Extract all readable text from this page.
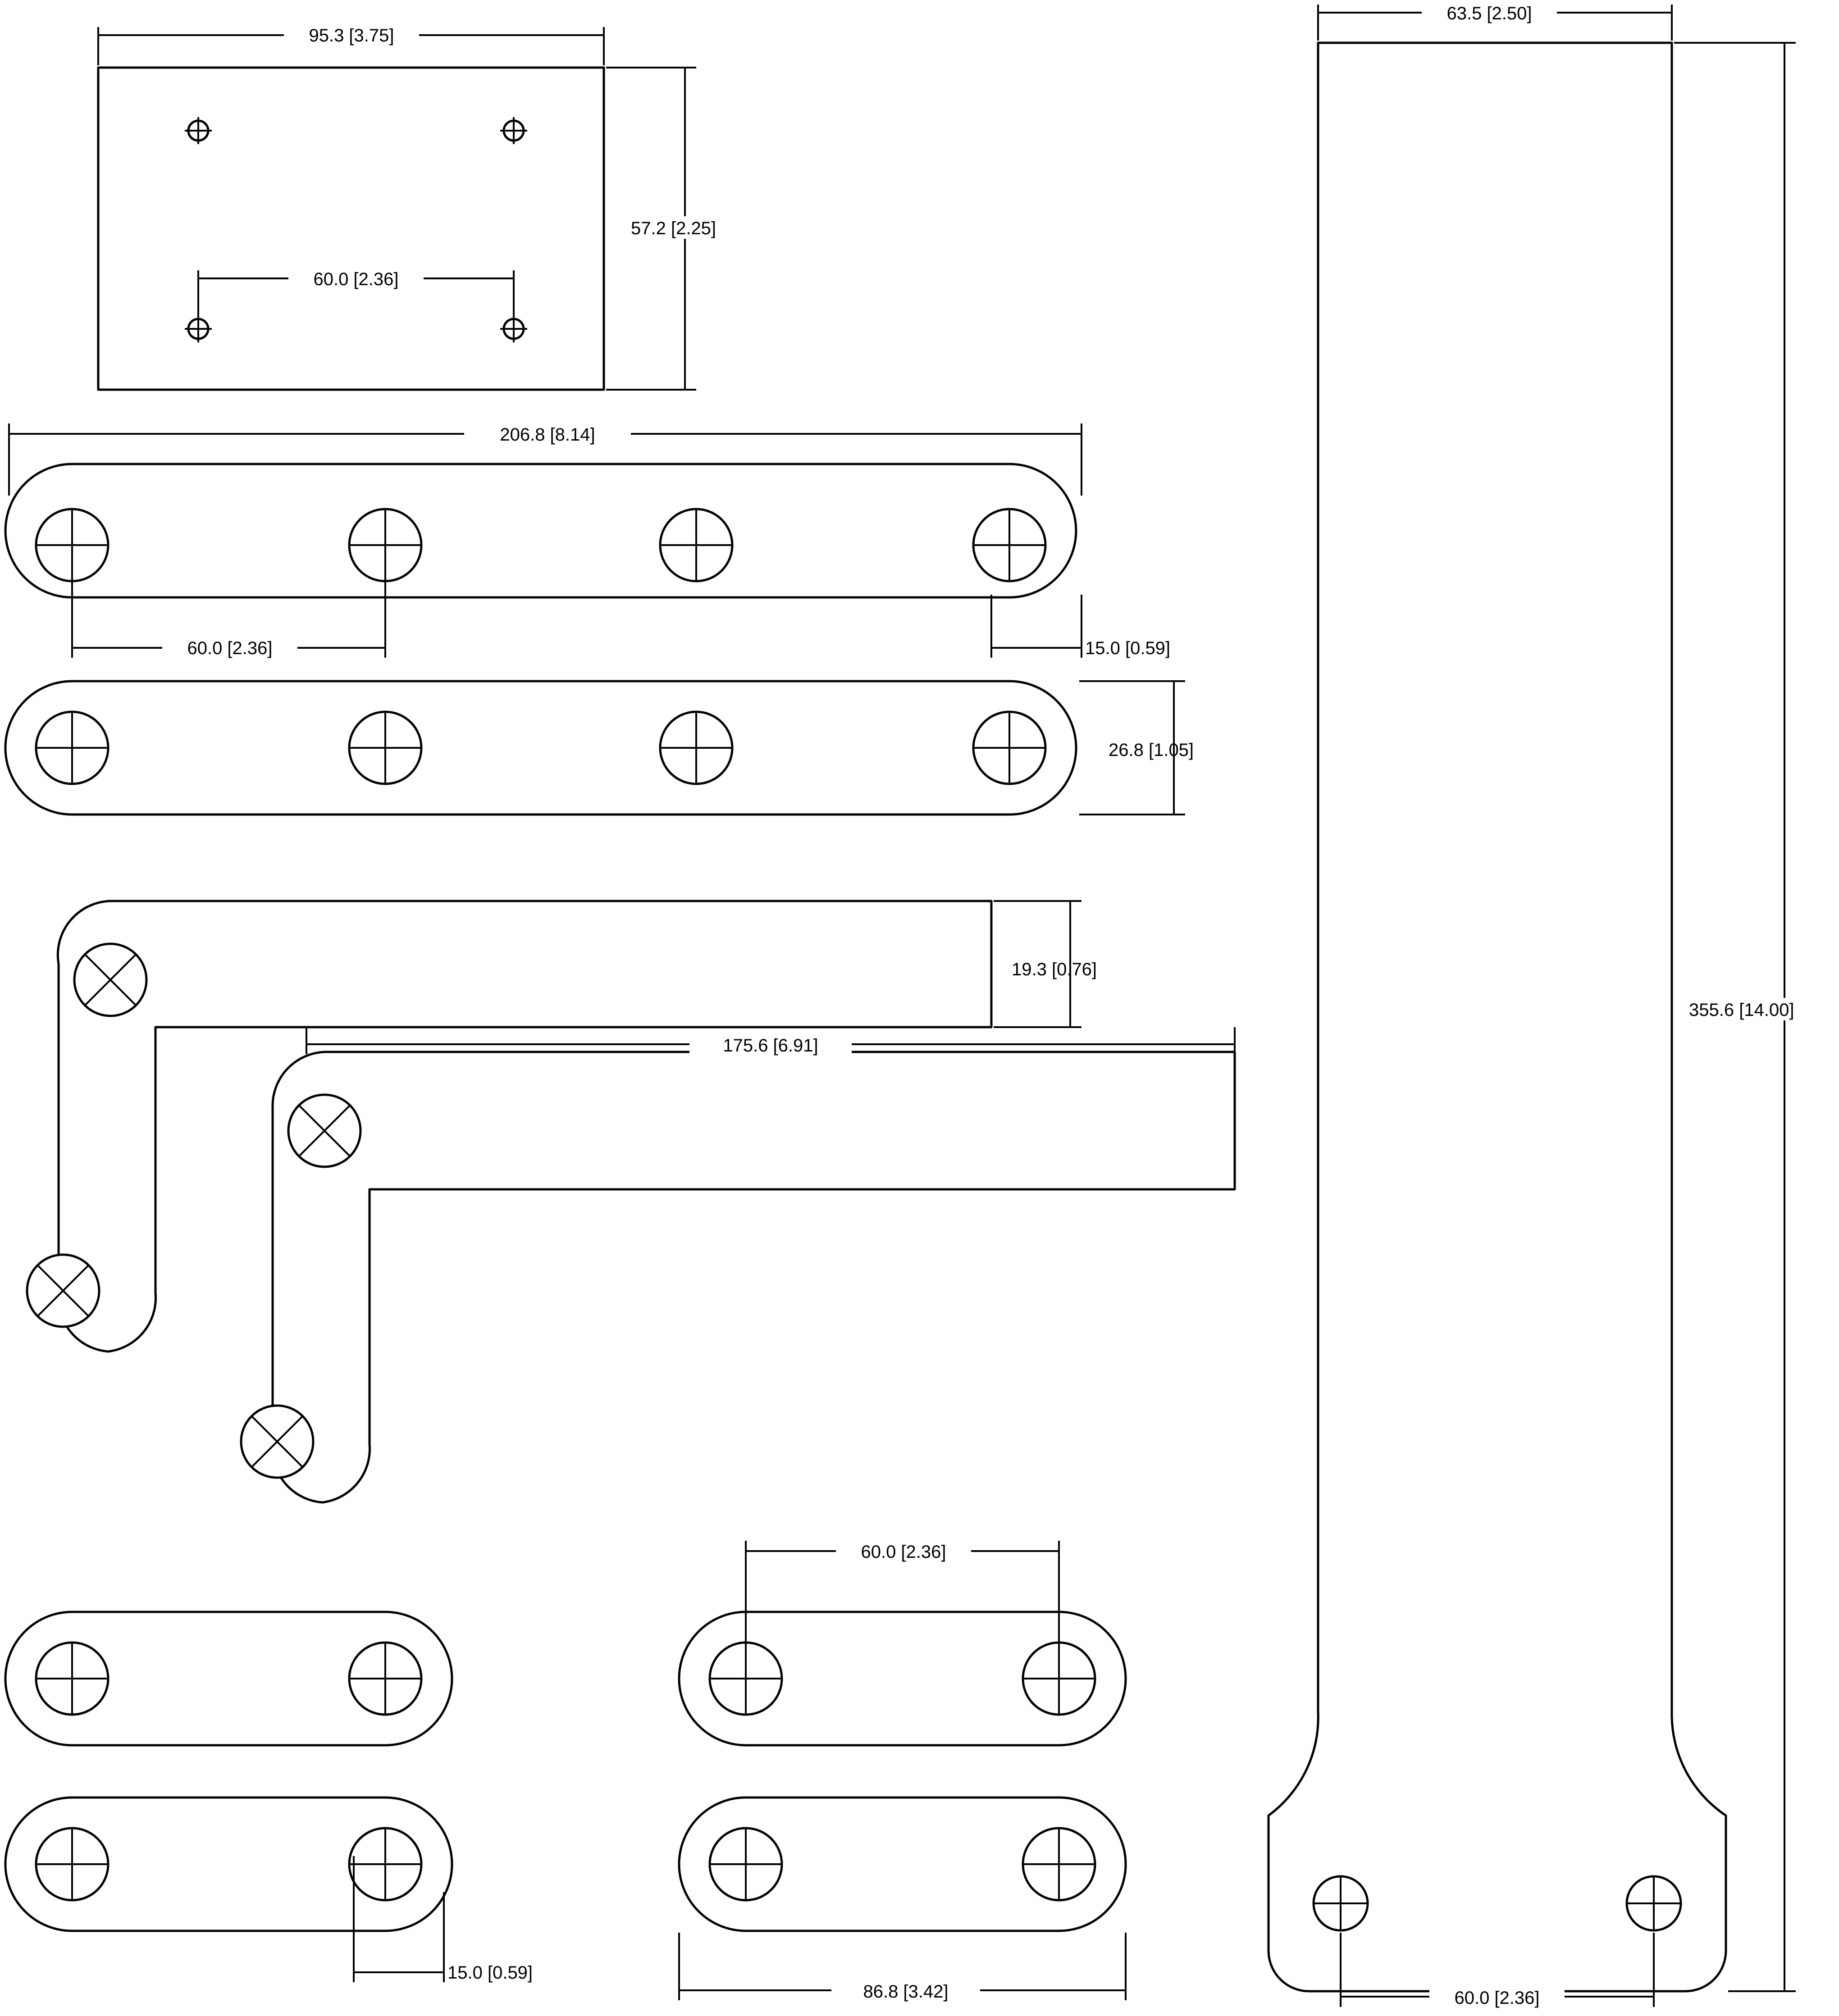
95.3 [3.75]
57.2 [2.25]
60.0 [2.36]
206.8 [8.14]
60.0 [2.36]	15.0 [0.59]
26.8 [1.05]
19.3 [0.76]
175.6 [6.91]
15.0 [0.59]
60.0 [2.36]
86.8 [3.42]
63.5 [2.50]
355.6 [14.00]
60.0 [2.36]
